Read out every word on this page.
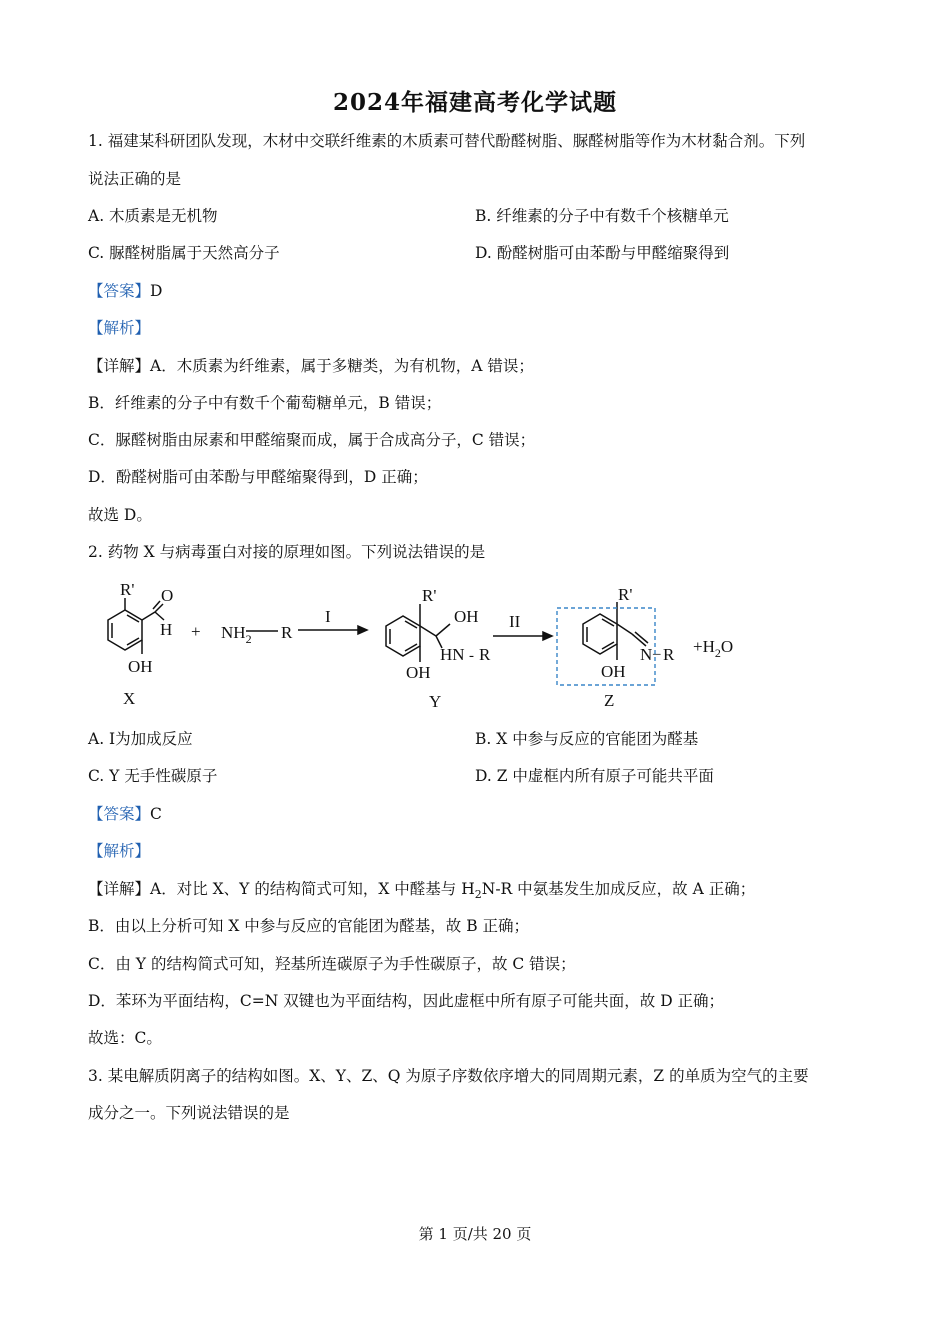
2024年福建高考化学试题
1. 福建某科研团队发现，木材中交联纤维素的木质素可替代酚醛树脂、脲醛树脂等作为木材黏合剂。下列
说法正确的是
A. 木质素是无机物	B. 纤维素的分子中有数千个核糖单元
C. 脲醛树脂属于天然高分子	D. 酚醛树脂可由苯酚与甲醛缩聚得到
【答案】D
【解析】
【详解】A．木质素为纤维素，属于多糖类，为有机物，A 错误；
B．纤维素的分子中有数千个葡萄糖单元，B 错误；
C．脲醛树脂由尿素和甲醛缩聚而成，属于合成高分子，C 错误；
D．酚醛树脂可由苯酚与甲醛缩聚得到，D 正确；
故选 D。
2. 药物 X 与病毒蛋白对接的原理如图。下列说法错误的是
R' O
H
OH
+ $NH_2$ R
I
R'
OH
HN - R
OH
II
R'
N – R
OH
$+H_2O$
X	Y	Z
A. I为加成反应	B. X 中参与反应的官能团为醛基
C. Y 无手性碳原子	D. Z 中虚框内所有原子可能共平面
【答案】C
【解析】
【详解】A．对比 X、Y 的结构简式可知，X 中醛基与 $H_2N-R$ 中氨基发生加成反应，故 A 正确；
B．由以上分析可知 X 中参与反应的官能团为醛基，故 B 正确；
C．由 Y 的结构简式可知，羟基所连碳原子为手性碳原子，故 C 错误；
D．苯环为平面结构，C=N 双键也为平面结构，因此虚框中所有原子可能共面，故 D 正确；
故选：C。
3. 某电解质阴离子的结构如图。X、Y、Z、Q 为原子序数依序增大的同周期元素，Z 的单质为空气的主要
成分之一。下列说法错误的是
第 1 页/共 20 页
